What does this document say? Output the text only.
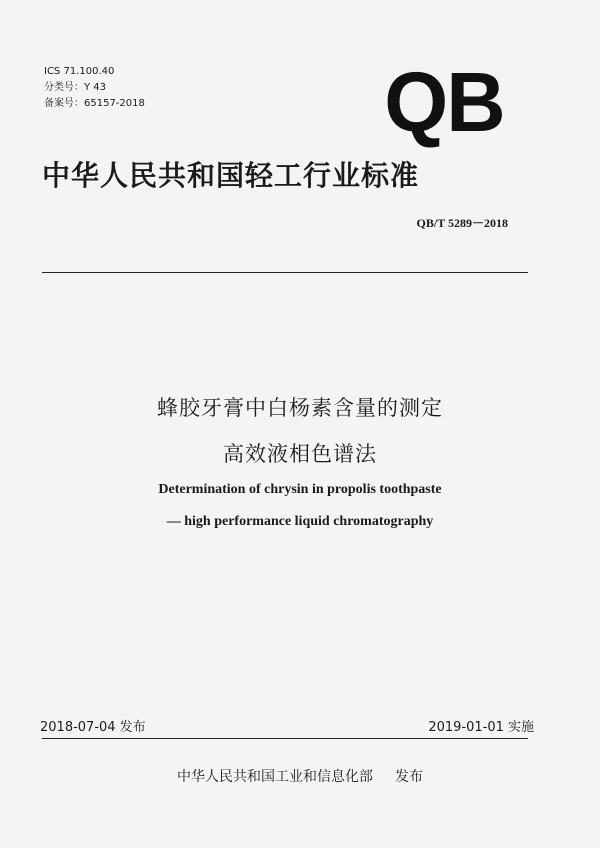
ICS 71.100.40
分类号：Y 43
备案号：65157-2018	QB
中华人民共和国轻工行业标准
QB/T 5289－2018
蜂胶牙膏中白杨素含量的测定
高效液相色谱法
Determination of chrysin in propolis toothpaste
— high performance liquid chromatography
2018-07-04 发布	2019-01-01 实施
中华人民共和国工业和信息化部 发布
